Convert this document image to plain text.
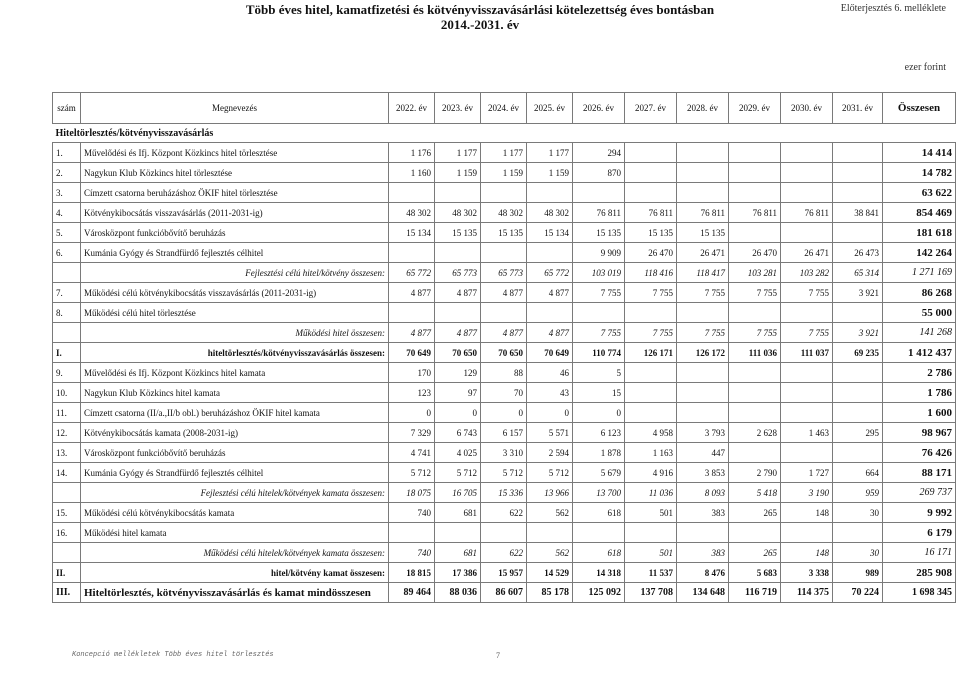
Több éves hitel, kamatfizetési és kötvényvisszavásárlási kötelezettség éves bontásban
2014.-2031. év
Előterjesztés 6. melléklete
ezer forint
szám	Megnevezés	2022. év	2023. év	2024. év	2025. év	2026. év	2027. év	2028. év	2029. év	2030. év	2031. év	Összesen
Hiteltörlesztés/kötvényvisszavásárlás												
1.	Művelődési és Ifj. Központ Közkincs hitel törlesztése	1 176	1 177	1 177	1 177	294						14 414
2.	Nagykun Klub Közkincs hitel törlesztése	1 160	1 159	1 159	1 159	870						14 782
3.	Címzett csatorna beruházáshoz ÖKIF hitel törlesztése											63 622
4.	Kötvénykibocsátás visszavásárlás (2011-2031-ig)	48 302	48 302	48 302	48 302	76 811	76 811	76 811	76 811	76 811	38 841	854 469
5.	Városközpont funkcióbővítő beruházás	15 134	15 135	15 135	15 134	15 135	15 135	15 135				181 618
6.	Kumánia Gyógy és Strandfürdő fejlesztés célhitel					9 909	26 470	26 471	26 470	26 471	26 473	142 264
	Fejlesztési célú hitel/kötvény összesen:	65 772	65 773	65 773	65 772	103 019	118 416	118 417	103 281	103 282	65 314	1 271 169
7.	Működési célú kötvénykibocsátás visszavásárlás (2011-2031-ig)	4 877	4 877	4 877	4 877	7 755	7 755	7 755	7 755	7 755	3 921	86 268
8.	Működési célú hitel törlesztése											55 000
	Működési hitel összesen:	4 877	4 877	4 877	4 877	7 755	7 755	7 755	7 755	7 755	3 921	141 268
I.	hiteltörlesztés/kötvényvisszavásárlás összesen:	70 649	70 650	70 650	70 649	110 774	126 171	126 172	111 036	111 037	69 235	1 412 437
9.	Művelődési és Ifj. Központ Közkincs hitel kamata	170	129	88	46	5						2 786
10.	Nagykun Klub Közkincs hitel kamata	123	97	70	43	15						1 786
11.	Címzett csatorna (II/a.,II/b obl.) beruházáshoz ÖKIF hitel kamata	0	0	0	0	0						1 600
12.	Kötvénykibocsátás kamata (2008-2031-ig)	7 329	6 743	6 157	5 571	6 123	4 958	3 793	2 628	1 463	295	98 967
13.	Városközpont funkcióbővítő beruházás	4 741	4 025	3 310	2 594	1 878	1 163	447				76 426
14.	Kumánia Gyógy és Strandfürdő fejlesztés célhitel	5 712	5 712	5 712	5 712	5 679	4 916	3 853	2 790	1 727	664	88 171
	Fejlesztési célú hitelek/kötvények kamata összesen:	18 075	16 705	15 336	13 966	13 700	11 036	8 093	5 418	3 190	959	269 737
15.	Működési célú kötvénykibocsátás kamata	740	681	622	562	618	501	383	265	148	30	9 992
16.	Működési hitel kamata											6 179
	Működési célú hitelek/kötvények kamata összesen:	740	681	622	562	618	501	383	265	148	30	16 171
II.	hitel/kötvény kamat összesen:	18 815	17 386	15 957	14 529	14 318	11 537	8 476	5 683	3 338	989	285 908
III.	Hiteltörlesztés, kötvényvisszavásárlás és kamat mindösszesen	89 464	88 036	86 607	85 178	125 092	137 708	134 648	116 719	114 375	70 224	1 698 345
Koncepció mellékletek Több éves hitel törlesztés	7
